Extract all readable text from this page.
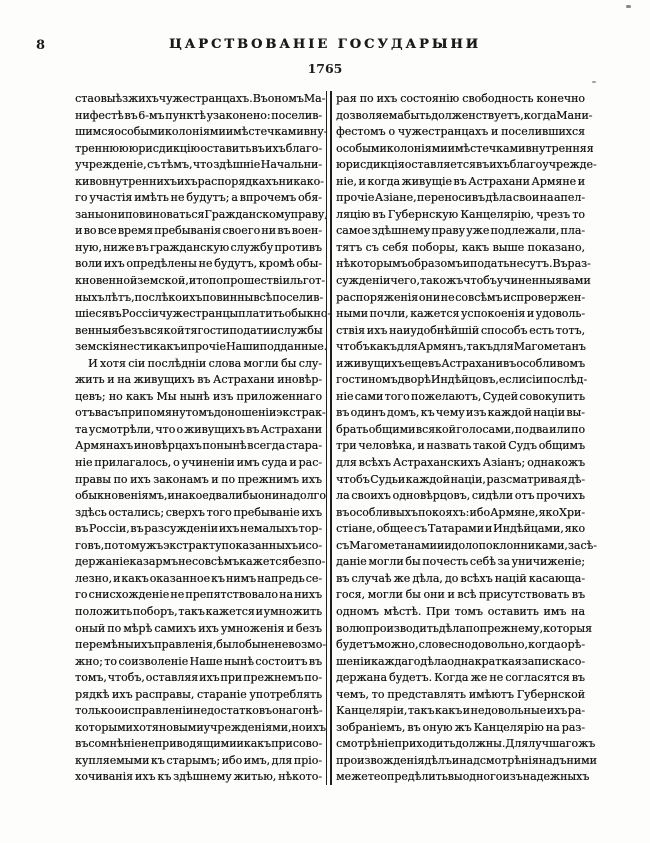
8	ЦАРСТВОВАНІЕ ГОСУДАРЫНИ
1765
ста о выѣзжихъ чужестранцахъ. Въ ономъ Ма-
нифестѣ въ 6-мъ пунктѣ узаконено: поселив-
шимся особыми колоніями и мѣстечками вну-
треннюю юрисдикцію оставить въ ихъ благо-
учрежденіе, съ тѣмъ, что здѣшніе Начальни-
ки во внутреннихъ ихъ распорядкахъ никако-
го участія имѣть не будутъ; а впрочемъ обя-
заны они повиноваться Гражданскому праву,
и во все время пребыванія своего ни въ воен-
ную, ниже въ гражданскую службу противъ
воли ихъ опредѣлены не будутъ, кромѣ обы-
кновенной земской, и то по прошествіи льгот-
ныхъ лѣтъ, послѣ коихъ повинны всѣ поселив-
шіеся въ Россіи чужестранцы платить обыкно-
венныя безъ всякой тягости подати и службы
земскія нести какъ и прочіе Наши подданные.
И хотя сіи послѣдніи слова могли бы слу-
жить и на живущихъ въ Астрахани иновѣр-
цевъ; но какъ Мы нынѣ изъ приложеннаго
отъ васъ при помянутомъ доношеніи экстрак-
та усмотрѣли, что о живущихъ въ Астрахани
Армянахъ иновѣрцахъ понынѣ всегда стара-
ніе прилагалось, о учиненіи имъ суда и рас-
правы по ихъ законамъ и по прежнимъ ихъ
обыкновеніямъ, инако едва ли бы они надолго
здѣсь остались; сверхъ того пребываніе ихъ
въ Россіи, въ разсужденіи ихъ немалыхъ тор-
говъ, по тому жъ экстракту показанныхъ и со-
держаніе казармъ не совсѣмъ кажется безпо-
лезно, и какъ оказанное къ нимъ напредь се-
го снисхожденіе не препятствовало на нихъ
положить поборъ, такъ кажется и умножить
оный по мѣрѣ самихъ ихъ умноженія и безъ
перемѣны ихъ правленія, было бы не невозмо-
жно; то соизволеніе Наше нынѣ состоитъ въ
томъ, чтобъ, оставляя ихъ при прежнемъ по-
рядкѣ ихъ расправы, стараніе употреблять
только о исправленіи недостатковъ онаго нѣ-
которыми хотя новыми учрежденіями, но ихъ
въ сомнѣніе неприводящими и какъ присово-
купляемыми къ старымъ; ибо имъ, для пріо-
хочиванія ихъ къ здѣшнему житью, нѣкото-
рая по ихъ состоянію свободность конечно
дозволяема быть долженствуетъ, когда Мани-
фестомъ о чужестранцахъ и поселившихся
особыми колоніями и мѣстечками внутренняя
юрисдикція оставляется въ ихъ благоучрежде-
ніе, и когда живущіе въ Астрахани Армяне и
прочіе Азіане, переносивъ дѣла свои на апел-
ляцію въ Губернскую Канцелярію, чрезъ то
самое здѣшнему праву уже подлежали, пла-
тятъ съ себя поборы, какъ выше показано,
нѣкоторымъ образомъ и подать несутъ. Въ раз-
сужденіи чего, такожъ чтобъ учиненныя вами
распоряженія они не совсѣмъ испровержен-
ными почли, кажется успокоенія и удоволь-
ствія ихъ наиудобнѣйшій способъ есть тотъ,
чтобъ какъ для Армянъ, такъ для Магометанъ
и живущихъ еще въ Астрахани въ особливомъ
гостиномъ дворѣ Индѣйцовъ, если сіи послѣд-
ніе сами того пожелаютъ, Судей совокупить
въ одинъ домъ, къ чему изъ каждой націи вы-
брать общими всякой голосами, по два или по
три человѣка, и назвать такой Судъ общимъ
для всѣхъ Астраханскихъ Азіанъ; однакожъ
чтобъ Судьи каждой націи, разсматривая дѣ-
ла своихъ одновѣрцовъ, сидѣли отъ прочихъ
въ особливыхъ покояхъ: ибо Армяне, яко Хри-
стіане, общее съ Татарами и Индѣйцами, яко
съ Магометанами и идолопоклонниками, засѣ-
даніе могли бы почесть себѣ за уничиженіе;
въ случаѣ же дѣла, до всѣхъ націй касающа-
гося, могли бы они и всѣ присутствовать въ
одномъ мѣстѣ. При томъ оставить имъ на
волю производить дѣла по прежнему, которыя
будетъ можно, словесно довольно, когда о рѣ-
шеніи каждаго дѣла одна краткая записка со-
держана будетъ. Когда же не согласятся въ
чемъ, то представлять имѣютъ Губернской
Канцеляріи, такъ какъ и недовольные ихъ ра-
зобраніемъ, въ оную жъ Канцелярію на раз-
смотрѣніе приходить должны. Для лучшаго жъ
произвожденія дѣлъ и надсмотрѣнія надъ ними
межете опредѣлить вы одного изъ надежныхъ
